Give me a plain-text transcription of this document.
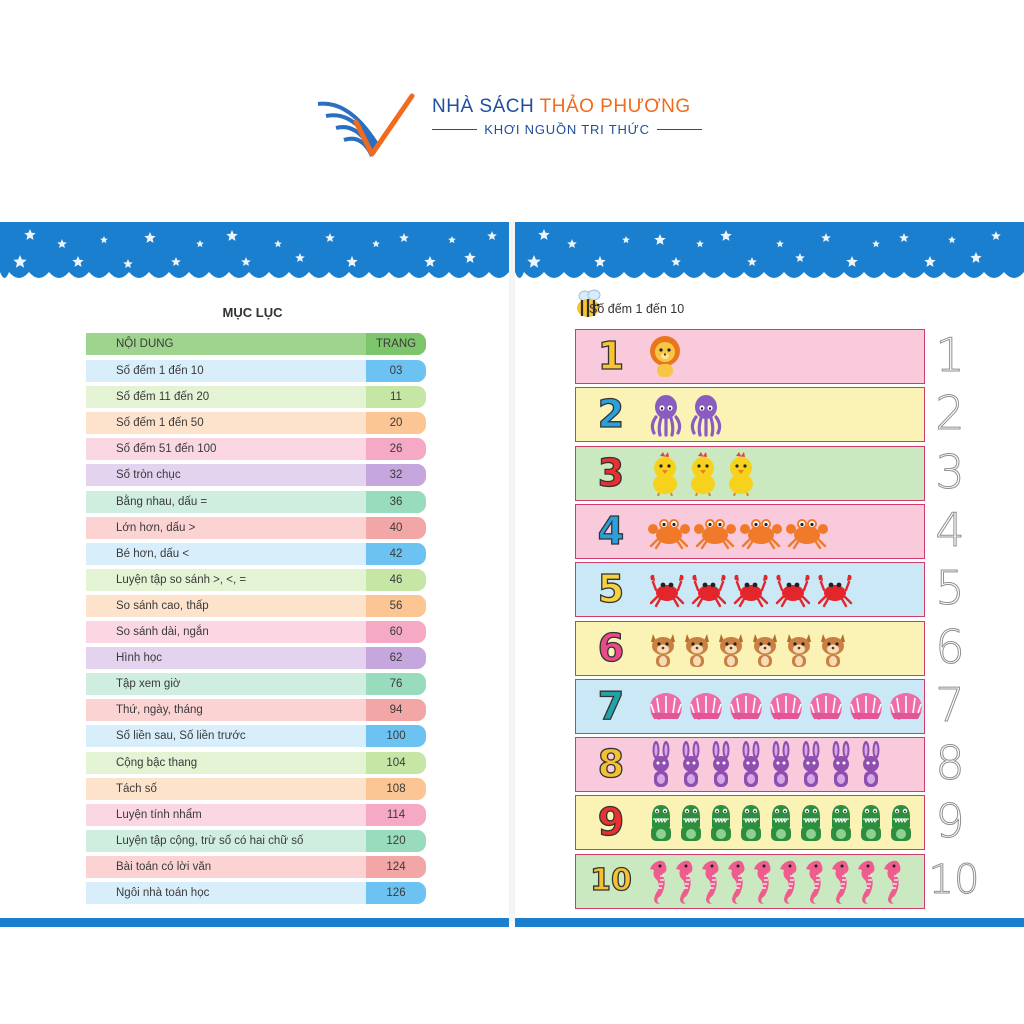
NHÀ SÁCH THẢO PHƯƠNG
KHƠI NGUỒN TRI THỨC
MỤC LỤC
NỘI DUNG	TRANG
Số đếm 1 đến 10	03
Số đếm 11 đến 20	11
Số đếm 1 đến 50	20
Số đếm 51 đến 100	26
Số tròn chục	32
Bằng nhau, dấu =	36
Lớn hơn, dấu >	40
Bé hơn, dấu <	42
Luyện tập so sánh >, <, =	46
So sánh cao, thấp	56
So sánh dài, ngắn	60
Hình học	62
Tập xem giờ	76
Thứ, ngày, tháng	94
Số liền sau, Số liền trước	100
Cộng bậc thang	104
Tách số	108
Luyện tính nhẩm	114
Luyện tập cộng, trừ số có hai chữ số	120
Bài toán có lời văn	124
Ngôi nhà toán học	126
Số đếm 1 đến 10
1	1
2	2
3	3
4	4
5	5
6	6
7	7
8	8
9	9
10	10
